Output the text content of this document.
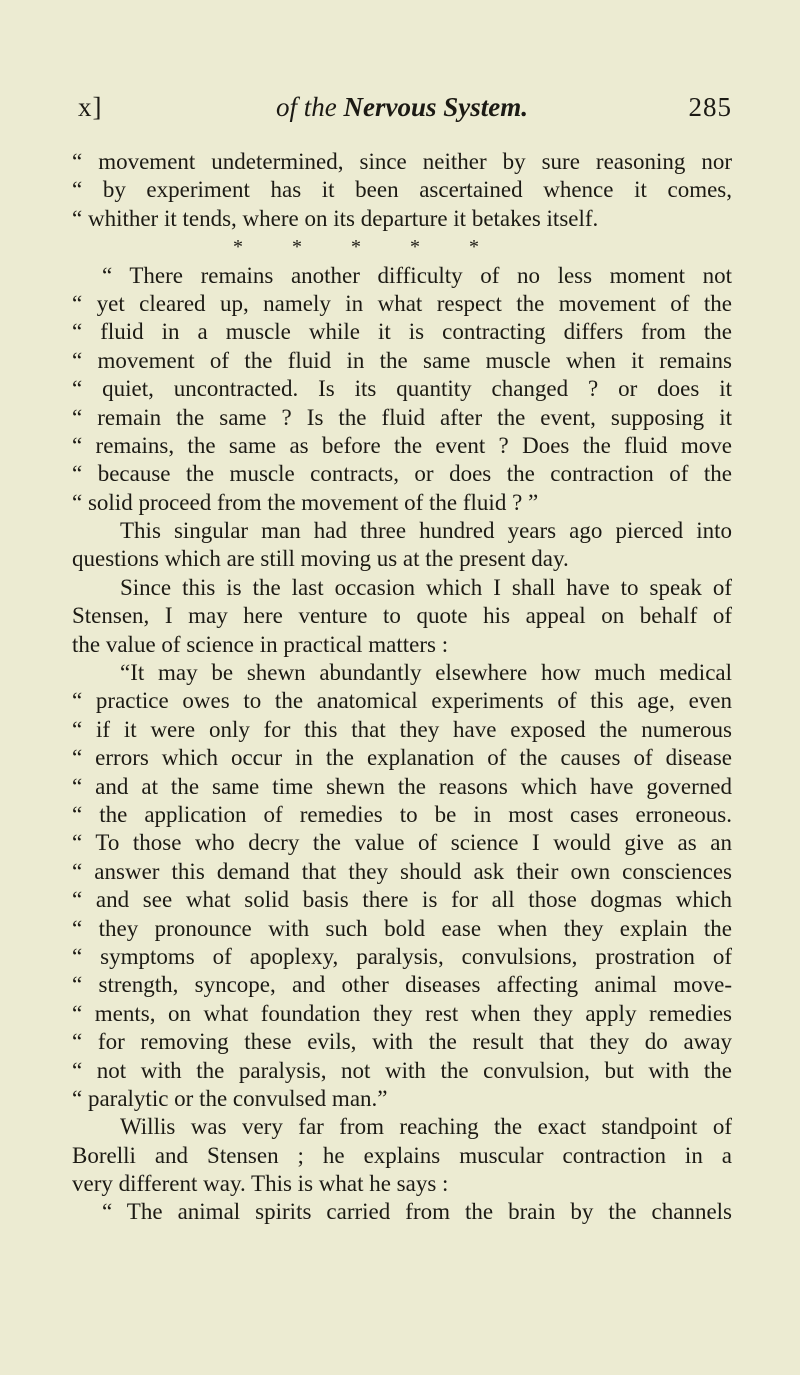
x]	of the Nervous System.	285
“ movement undetermined, since neither by sure reasoning nor
“ by experiment has it been ascertained whence it comes,
“ whither it tends, where on its departure it betakes itself.
* * * * *
“ There remains another difficulty of no less moment not
“ yet cleared up, namely in what respect the movement of the
“ fluid in a muscle while it is contracting differs from the
“ movement of the fluid in the same muscle when it remains
“ quiet, uncontracted. Is its quantity changed ? or does it
“ remain the same ? Is the fluid after the event, supposing it
“ remains, the same as before the event ? Does the fluid move
“ because the muscle contracts, or does the contraction of the
“ solid proceed from the movement of the fluid ? ”
This singular man had three hundred years ago pierced into
questions which are still moving us at the present day.
Since this is the last occasion which I shall have to speak of
Stensen, I may here venture to quote his appeal on behalf of
the value of science in practical matters :
“It may be shewn abundantly elsewhere how much medical
“ practice owes to the anatomical experiments of this age, even
“ if it were only for this that they have exposed the numerous
“ errors which occur in the explanation of the causes of disease
“ and at the same time shewn the reasons which have governed
“ the application of remedies to be in most cases erroneous.
“ To those who decry the value of science I would give as an
“ answer this demand that they should ask their own consciences
“ and see what solid basis there is for all those dogmas which
“ they pronounce with such bold ease when they explain the
“ symptoms of apoplexy, paralysis, convulsions, prostration of
“ strength, syncope, and other diseases affecting animal move-
“ ments, on what foundation they rest when they apply remedies
“ for removing these evils, with the result that they do away
“ not with the paralysis, not with the convulsion, but with the
“ paralytic or the convulsed man.”
Willis was very far from reaching the exact standpoint of
Borelli and Stensen ; he explains muscular contraction in a
very different way. This is what he says :
“ The animal spirits carried from the brain by the channels
